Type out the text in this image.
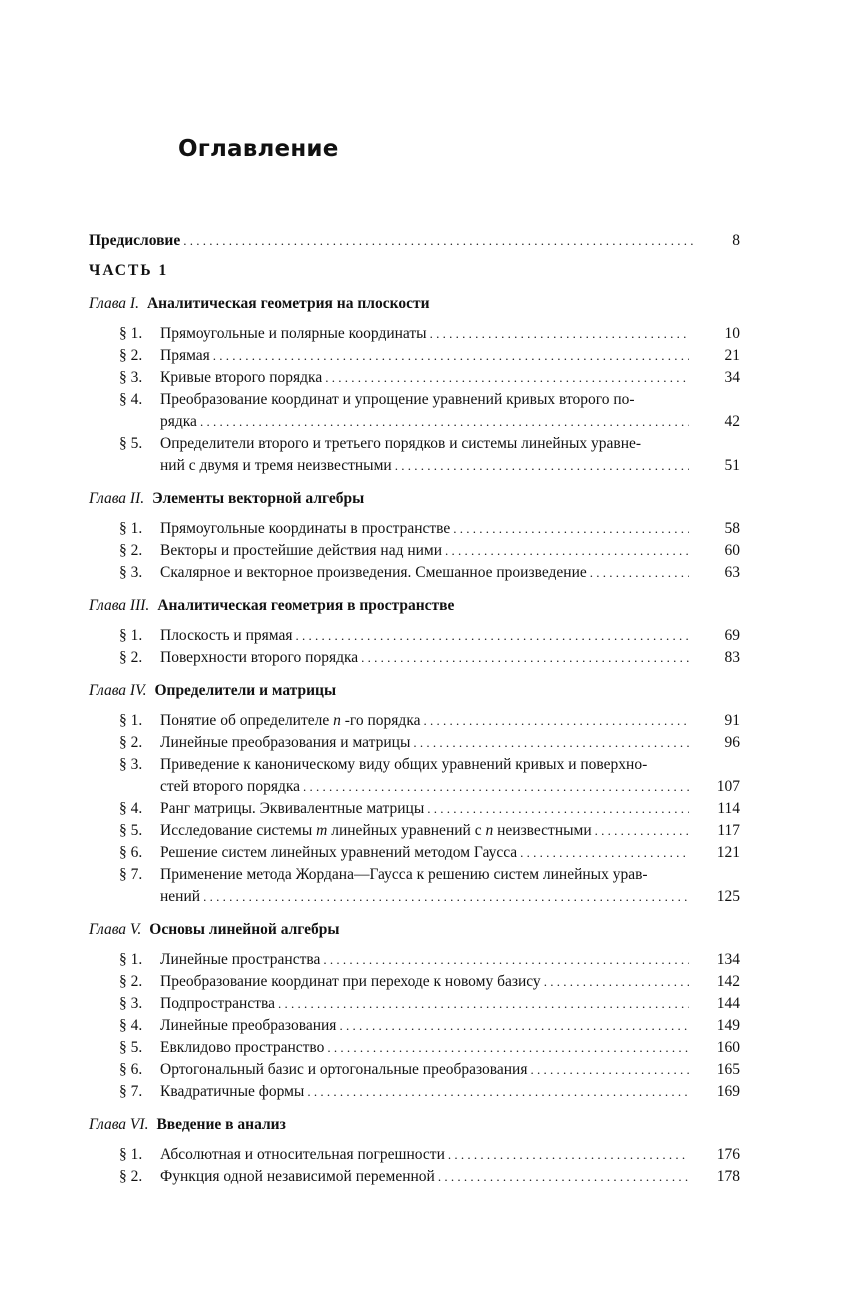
Оглавление
Предисловие . . .	8
ЧАСТЬ 1
Глава I. Аналитическая геометрия на плоскости
§ 1. Прямоугольные и полярные координаты . . .	10
§ 2. Прямая . . .	21
§ 3. Кривые второго порядка . . .	34
§ 4. Преобразование координат и упрощение уравнений кривых второго по-
рядка . . .	42
§ 5. Определители второго и третьего порядков и системы линейных уравне-
ний с двумя и тремя неизвестными . . .	51
Глава II. Элементы векторной алгебры
§ 1. Прямоугольные координаты в пространстве . . .	58
§ 2. Векторы и простейшие действия над ними . . .	60
§ 3. Скалярное и векторное произведения. Смешанное произведение . . .	63
Глава III. Аналитическая геометрия в пространстве
§ 1. Плоскость и прямая . . .	69
§ 2. Поверхности второго порядка . . .	83
Глава IV. Определители и матрицы
§ 1. Понятие об определителе n -го порядка . . .	91
§ 2. Линейные преобразования и матрицы . . .	96
§ 3. Приведение к каноническому виду общих уравнений кривых и поверхно-
стей второго порядка . . .	107
§ 4. Ранг матрицы. Эквивалентные матрицы . . .	114
§ 5. Исследование системы m линейных уравнений с n неизвестными . . .	117
§ 6. Решение систем линейных уравнений методом Гаусса . . .	121
§ 7. Применение метода Жордана—Гаусса к решению систем линейных урав-
нений . . .	125
Глава V. Основы линейной алгебры
§ 1. Линейные пространства . . .	134
§ 2. Преобразование координат при переходе к новому базису . . .	142
§ 3. Подпространства . . .	144
§ 4. Линейные преобразования . . .	149
§ 5. Евклидово пространство . . .	160
§ 6. Ортогональный базис и ортогональные преобразования . . .	165
§ 7. Квадратичные формы . . .	169
Глава VI. Введение в анализ
§ 1. Абсолютная и относительная погрешности . . .	176
§ 2. Функция одной независимой переменной . . .	178
